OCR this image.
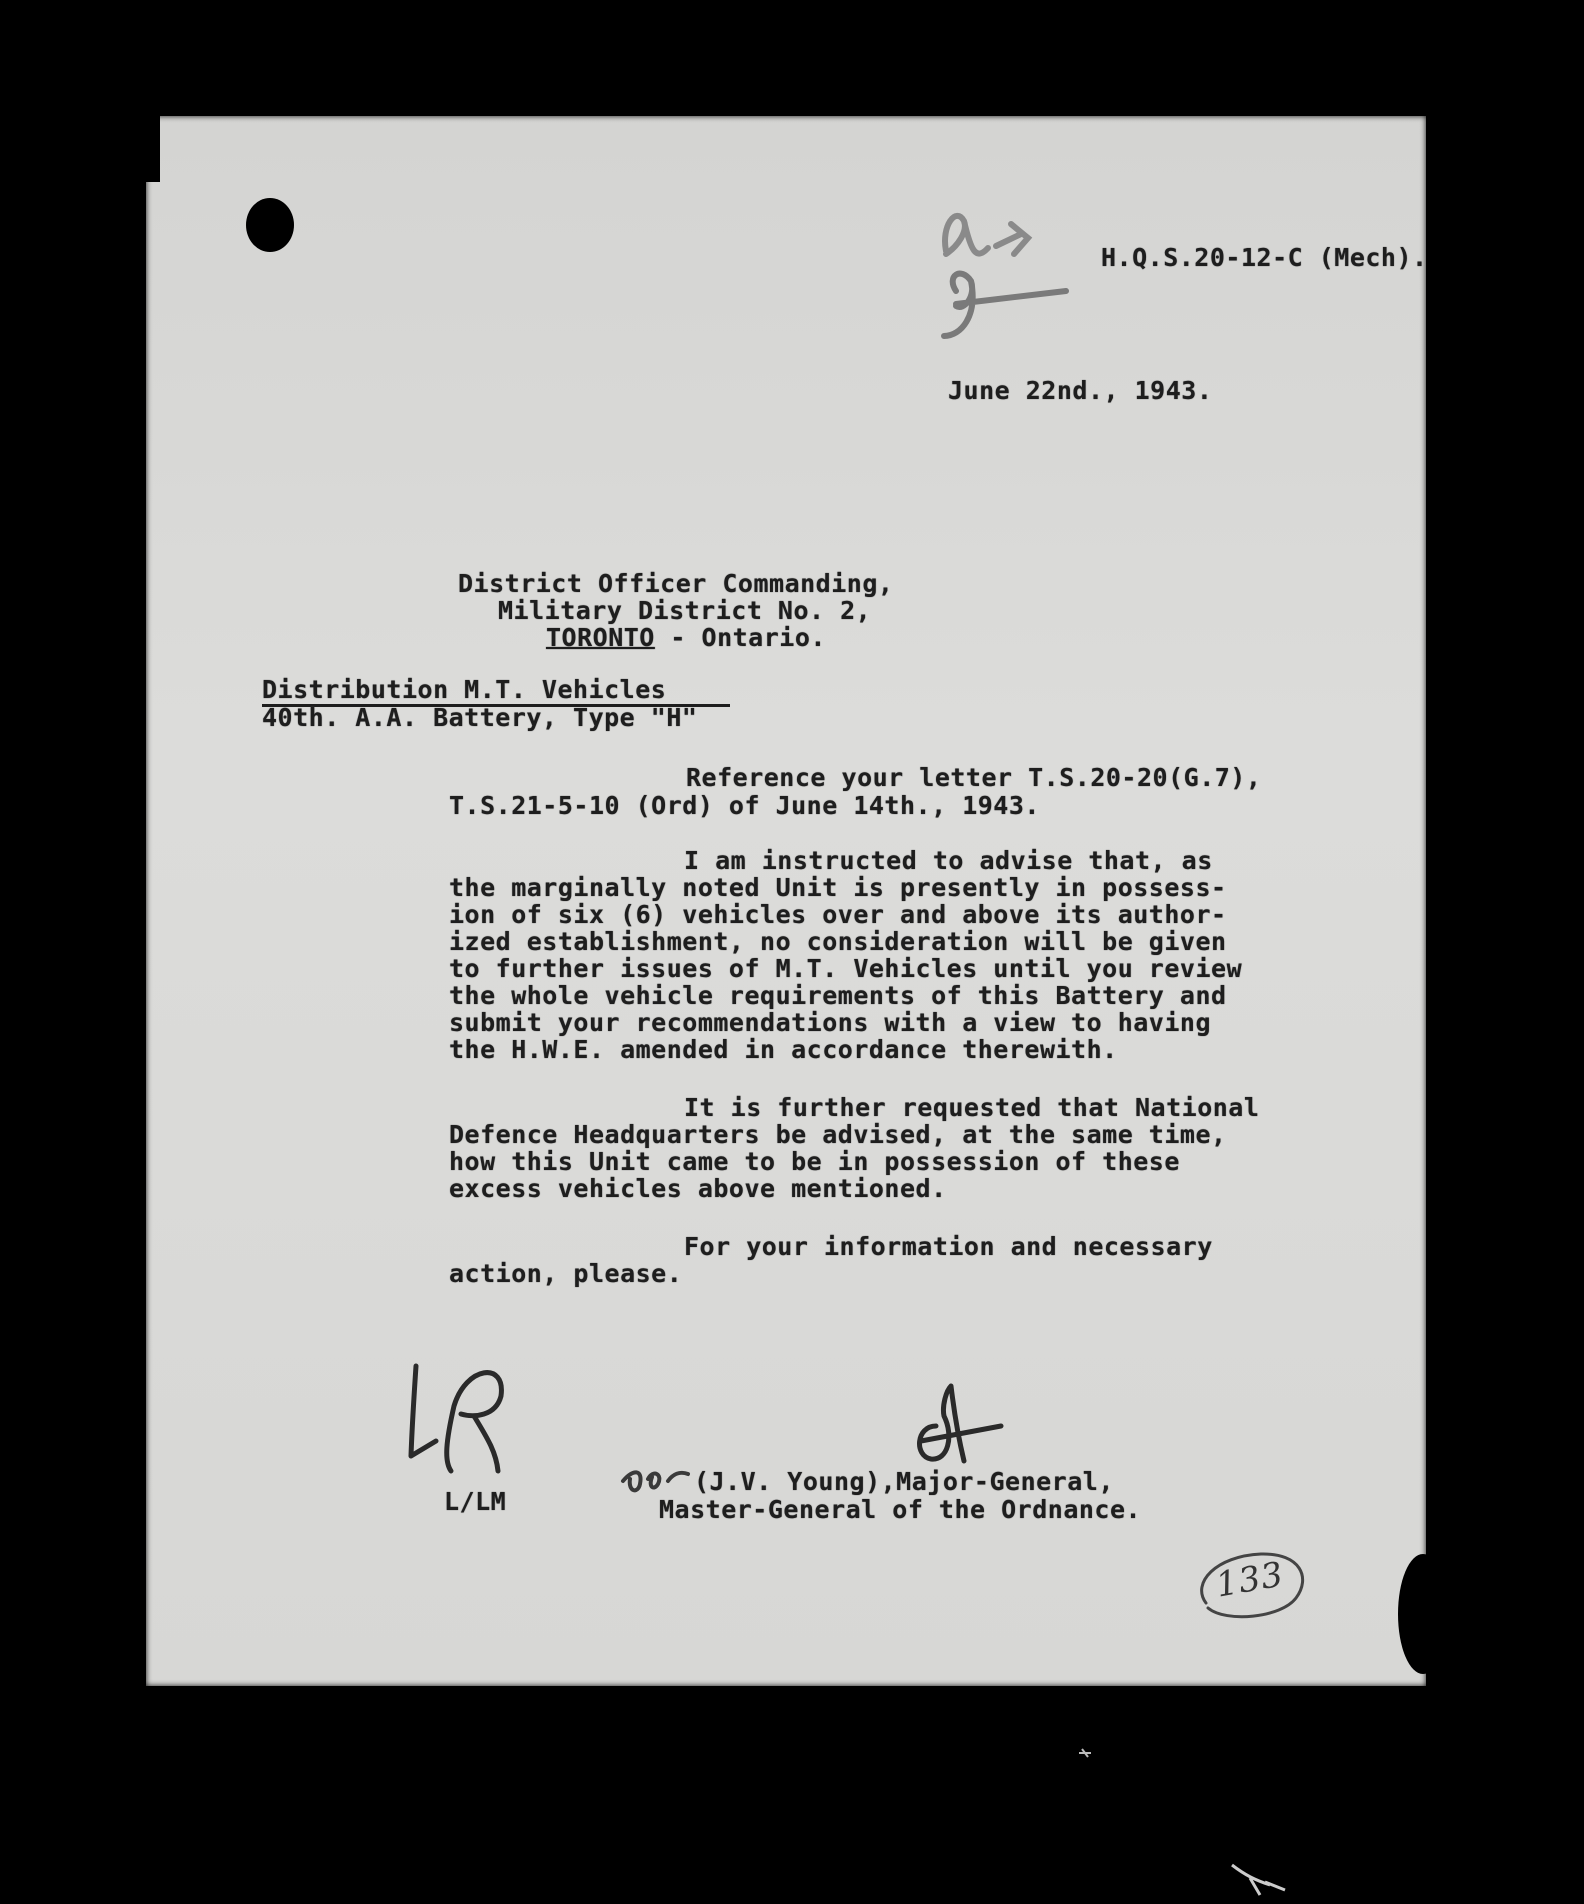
H.Q.S.20-12-C (Mech).
June 22nd., 1943.
District Officer Commanding,
Military District No. 2,
TORONTO - Ontario.
Distribution M.T. Vehicles
40th. A.A. Battery, Type "H"
Reference your letter T.S.20-20(G.7),
T.S.21-5-10 (Ord) of June 14th., 1943.
I am instructed to advise that, as
the marginally noted Unit is presently in possess-
ion of six (6) vehicles over and above its author-
ized establishment, no consideration will be given
to further issues of M.T. Vehicles until you review
the whole vehicle requirements of this Battery and
submit your recommendations with a view to having
the H.W.E. amended in accordance therewith.
It is further requested that National
Defence Headquarters be advised, at the same time,
how this Unit came to be in possession of these
excess vehicles above mentioned.
For your information and necessary
action, please.
L/LM
(J.V. Young),Major-General,
Master-General of the Ordnance.
133
